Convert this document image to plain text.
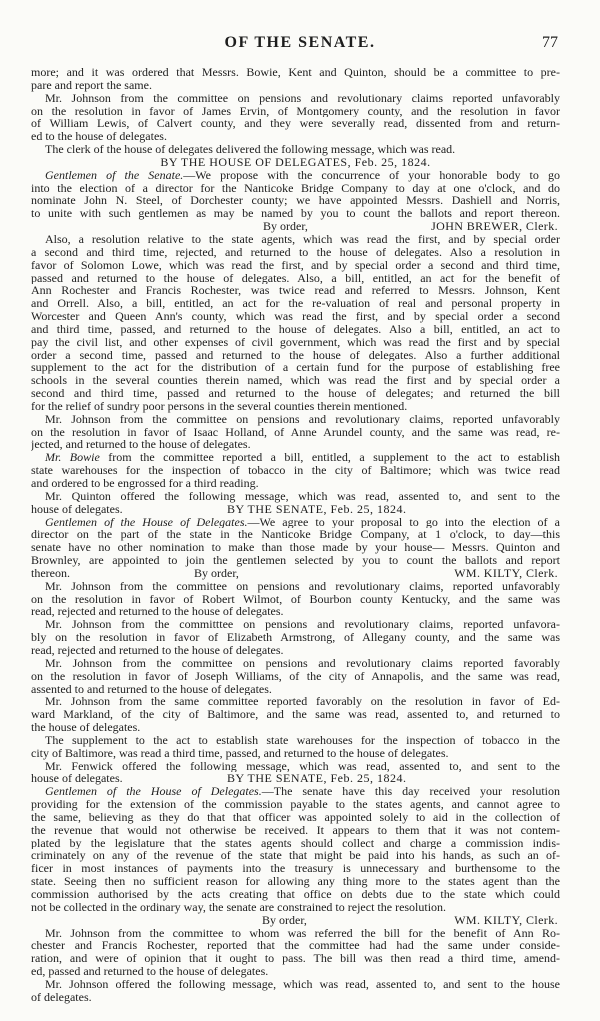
OF THE SENATE.	77
more; and it was ordered that Messrs. Bowie, Kent and Quinton, should be a committee to pre-
pare and report the same.
Mr. Johnson from the committee on pensions and revolutionary claims reported unfavorably
on the resolution in favor of James Ervin, of Montgomery county, and the resolution in favor
of William Lewis, of Calvert county, and they were severally read, dissented from and return-
ed to the house of delegates.
The clerk of the house of delegates delivered the following message, which was read.
BY THE HOUSE OF DELEGATES, Feb. 25, 1824.
Gentlemen of the Senate.—We propose with the concurrence of your honorable body to go
into the election of a director for the Nanticoke Bridge Company to day at one o'clock, and do
nominate John N. Steel, of Dorchester county; we have appointed Messrs. Dashiell and Norris,
to unite with such gentlemen as may be named by you to count the ballots and report thereon.
By order,	JOHN BREWER, Clerk.
Also, a resolution relative to the state agents, which was read the first, and by special order
a second and third time, rejected, and returned to the house of delegates. Also a resolution in
favor of Solomon Lowe, which was read the first, and by special order a second and third time,
passed and returned to the house of delegates. Also, a bill, entitled, an act for the benefit of
Ann Rochester and Francis Rochester, was twice read and referred to Messrs. Johnson, Kent
and Orrell. Also, a bill, entitled, an act for the re-valuation of real and personal property in
Worcester and Queen Ann's county, which was read the first, and by special order a second
and third time, passed, and returned to the house of delegates. Also a bill, entitled, an act to
pay the civil list, and other expenses of civil government, which was read the first and by special
order a second time, passed and returned to the house of delegates. Also a further additional
supplement to the act for the distribution of a certain fund for the purpose of establishing free
schools in the several counties therein named, which was read the first and by special order a
second and third time, passed and returned to the house of delegates; and returned the bill
for the relief of sundry poor persons in the several counties therein mentioned.
Mr. Johnson from the committee on pensions and revolutionary claims, reported unfavorably
on the resolution in favor of Isaac Holland, of Anne Arundel county, and the same was read, re-
jected, and returned to the house of delegates.
Mr. Bowie from the committee reported a bill, entitled, a supplement to the act to establish
state warehouses for the inspection of tobacco in the city of Baltimore; which was twice read
and ordered to be engrossed for a third reading.
Mr. Quinton offered the following message, which was read, assented to, and sent to the
house of delegates.	BY THE SENATE, Feb. 25, 1824.
Gentlemen of the House of Delegates.—We agree to your proposal to go into the election of a
director on the part of the state in the Nanticoke Bridge Company, at 1 o'clock, to day—this
senate have no other nomination to make than those made by your house— Messrs. Quinton and
Brownley, are appointed to join the gentlemen selected by you to count the ballots and report
thereon.	By order,	WM. KILTY, Clerk.
Mr. Johnson from the committee on pensions and revolutionary claims, reported unfavorably
on the resolution in favor of Robert Wilmot, of Bourbon county Kentucky, and the same was
read, rejected and returned to the house of delegates.
Mr. Johnson from the committtee on pensions and revolutionary claims, reported unfavora-
bly on the resolution in favor of Elizabeth Armstrong, of Allegany county, and the same was
read, rejected and returned to the house of delegates.
Mr. Johnson from the committee on pensions and revolutionary claims reported favorably
on the resolution in favor of Joseph Williams, of the city of Annapolis, and the same was read,
assented to and returned to the house of delegates.
Mr. Johnson from the same committee reported favorably on the resolution in favor of Ed-
ward Markland, of the city of Baltimore, and the same was read, assented to, and returned to
the house of delegates.
The supplement to the act to establish state warehouses for the inspection of tobacco in the
city of Baltimore, was read a third time, passed, and returned to the house of delegates.
Mr. Fenwick offered the following message, which was read, assented to, and sent to the
house of delegates.	BY THE SENATE, Feb. 25, 1824.
Gentlemen of the House of Delegates.—The senate have this day received your resolution
providing for the extension of the commission payable to the states agents, and cannot agree to
the same, believing as they do that that officer was appointed solely to aid in the collection of
the revenue that would not otherwise be received. It appears to them that it was not contem-
plated by the legislature that the states agents should collect and charge a commission indis-
criminately on any of the revenue of the state that might be paid into his hands, as such an of-
ficer in most instances of payments into the treasury is unnecessary and burthensome to the
state. Seeing then no sufficient reason for allowing any thing more to the states agent than the
commission authorised by the acts creating that office on debts due to the state which could
not be collected in the ordinary way, the senate are constrained to reject the resolution.
By order,	WM. KILTY, Clerk.
Mr. Johnson from the committee to whom was referred the bill for the benefit of Ann Ro-
chester and Francis Rochester, reported that the committee had had the same under conside-
ration, and were of opinion that it ought to pass. The bill was then read a third time, amend-
ed, passed and returned to the house of delegates.
Mr. Johnson offered the following message, which was read, assented to, and sent to the house
of delegates.
